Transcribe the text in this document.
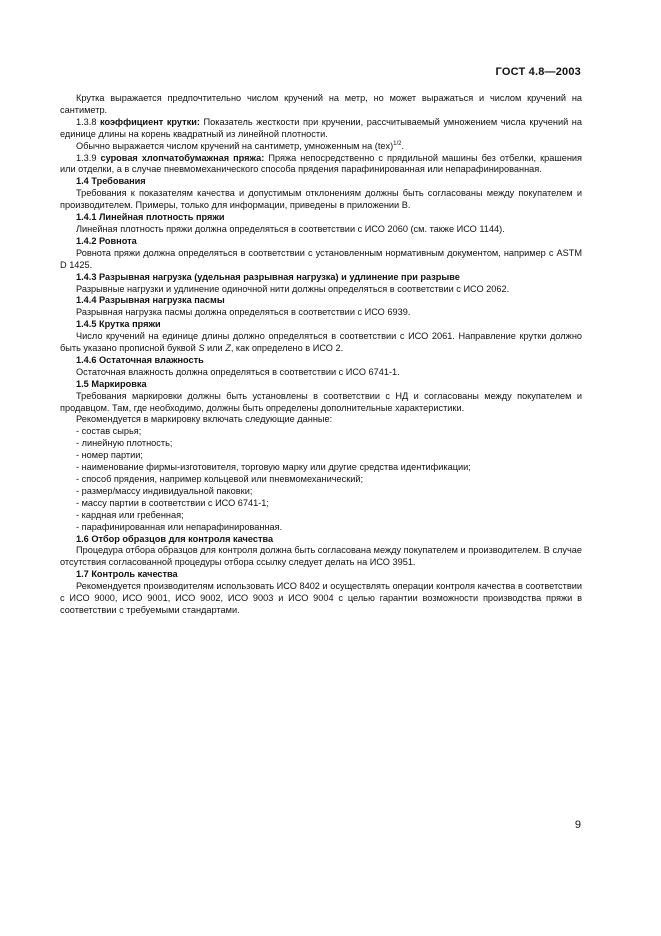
ГОСТ 4.8—2003

Крутка выражается предпочтительно числом кручений на метр, но может выражаться и числом кручений на сантиметр.

1.3.8 коэффициент крутки: Показатель жесткости при кручении, рассчитываемый умножением числа кручений на единице длины на корень квадратный из линейной плотности.

Обычно выражается числом кручений на сантиметр, умноженным на (tex)$^{1/2}$.

1.3.9 суровая хлопчатобумажная пряжа: Пряжа непосредственно с прядильной машины без отбелки, крашения или отделки, а в случае пневмомеханического способа прядения парафинированная или непарафинированная.

1.4 Требования

Требования к показателям качества и допустимым отклонениям должны быть согласованы между покупателем и производителем. Примеры, только для информации, приведены в приложении В.

1.4.1 Линейная плотность пряжи

Линейная плотность пряжи должна определяться в соответствии с ИСО 2060 (см. также ИСО 1144).

1.4.2 Ровнота

Ровнота пряжи должна определяться в соответствии с установленным нормативным документом, например с ASTM D 1425.

1.4.3 Разрывная нагрузка (удельная разрывная нагрузка) и удлинение при разрыве

Разрывные нагрузки и удлинение одиночной нити должны определяться в соответствии с ИСО 2062.

1.4.4 Разрывная нагрузка пасмы

Разрывная нагрузка пасмы должна определяться в соответствии с ИСО 6939.

1.4.5 Крутка пряжи

Число кручений на единице длины должно определяться в соответствии с ИСО 2061. Направление крутки должно быть указано прописной буквой S или Z, как определено в ИСО 2.

1.4.6 Остаточная влажность

Остаточная влажность должна определяться в соответствии с ИСО 6741-1.

1.5 Маркировка

Требования маркировки должны быть установлены в соответствии с НД и согласованы между покупателем и продавцом. Там, где необходимо, должны быть определены дополнительные характеристики.

Рекомендуется в маркировку включать следующие данные:

- состав сырья;

- линейную плотность;

- номер партии;

- наименование фирмы-изготовителя, торговую марку или другие средства идентификации;

- способ прядения, например кольцевой или пневмомеханический;

- размер/массу индивидуальной паковки;

- массу партии в соответствии с ИСО 6741-1;

- кардная или гребенная;

- парафинированная или непарафинированная.

1.6 Отбор образцов для контроля качества

Процедура отбора образцов для контроля должна быть согласована между покупателем и производителем. В случае отсутствия согласованной процедуры отбора ссылку следует делать на ИСО 3951.

1.7 Контроль качества

Рекомендуется производителям использовать ИСО 8402 и осуществлять операции контроля качества в соответствии с ИСО 9000, ИСО 9001, ИСО 9002, ИСО 9003 и ИСО 9004 с целью гарантии возможности производства пряжи в соответствии с требуемыми стандартами.

9
